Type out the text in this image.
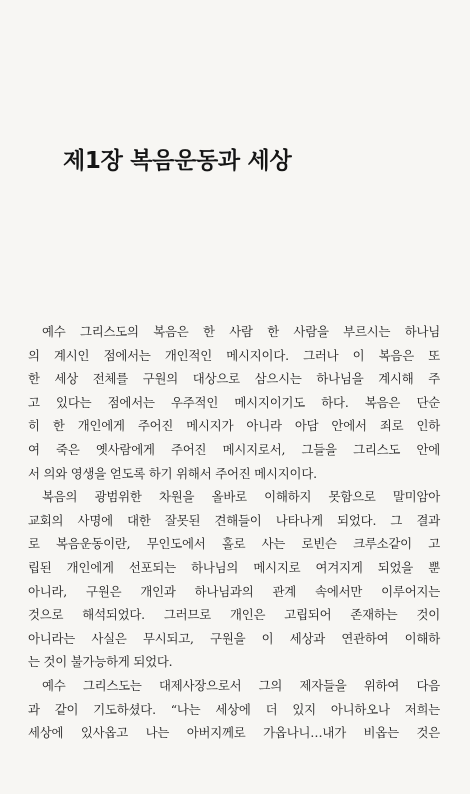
제1장 복음운동과 세상
예수 그리스도의 복음은 한 사람 한 사람을 부르시는 하나님
의 계시인 점에서는 개인적인 메시지이다. 그러나 이 복음은 또
한 세상 전체를 구원의 대상으로 삼으시는 하나님을 계시해 주
고 있다는 점에서는 우주적인 메시지이기도 하다. 복음은 단순
히 한 개인에게 주어진 메시지가 아니라 아담 안에서 죄로 인하
여 죽은 옛사람에게 주어진 메시지로서, 그들을 그리스도 안에
서 의와 영생을 얻도록 하기 위해서 주어진 메시지이다.
복음의 광범위한 차원을 올바로 이해하지 못함으로 말미암아
교회의 사명에 대한 잘못된 견해들이 나타나게 되었다. 그 결과
로 복음운동이란, 무인도에서 홀로 사는 로빈슨 크루소같이 고
립된 개인에게 선포되는 하나님의 메시지로 여겨지게 되었을 뿐
아니라, 구원은 개인과 하나님과의 관계 속에서만 이루어지는
것으로 해석되었다. 그러므로 개인은 고립되어 존재하는 것이
아니라는 사실은 무시되고, 구원을 이 세상과 연관하여 이해하
는 것이 불가능하게 되었다.
예수 그리스도는 대제사장으로서 그의 제자들을 위하여 다음
과 같이 기도하셨다. “나는 세상에 더 있지 아니하오나 저희는
세상에 있사옵고 나는 아버지께로 가옵나니…내가 비옵는 것은
